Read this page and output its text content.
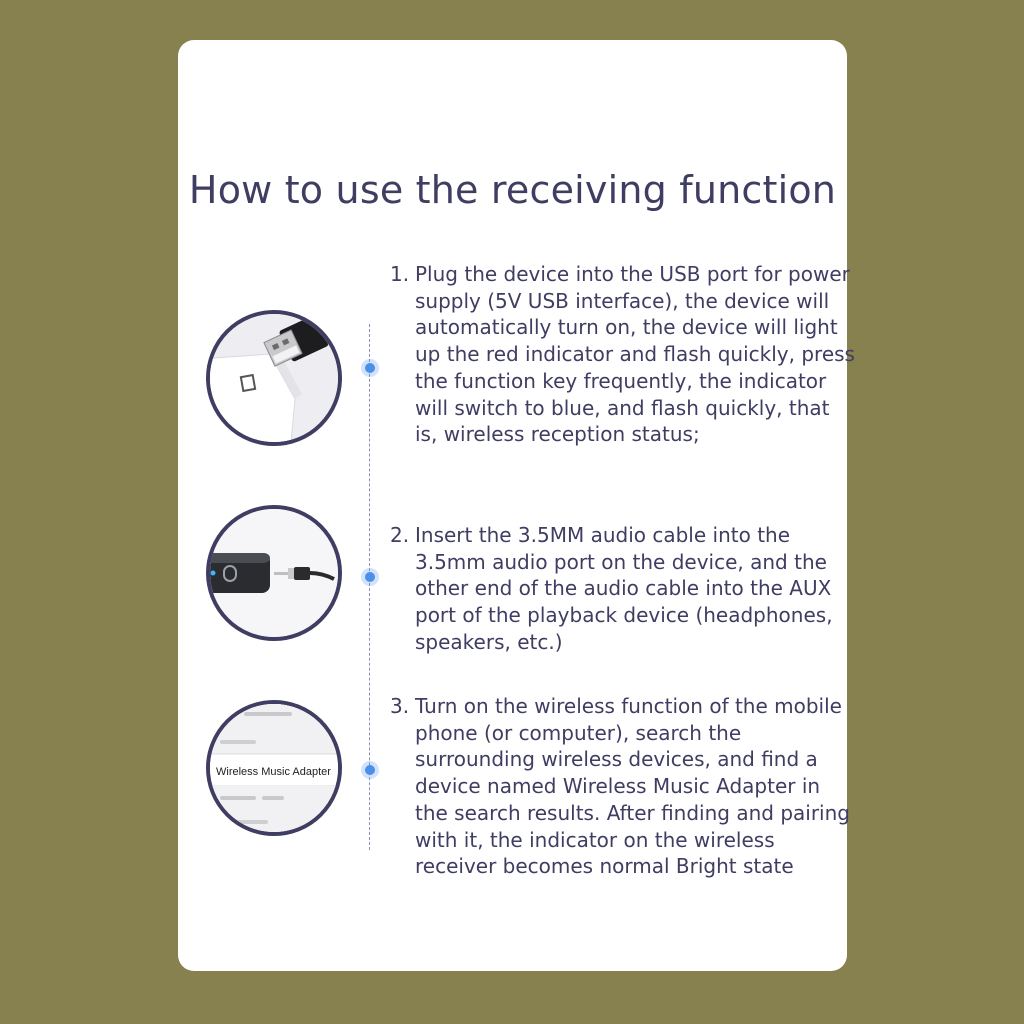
How to use the receiving function
Wireless Music Adapter

1. Plug the device into the USB port for power supply (5V USB interface), the device will automatically turn on, the device will light up the red indicator and flash quickly, press the function key frequently, the indicator will switch to blue, and flash quickly, that is, wireless reception status;

2. Insert the 3.5MM audio cable into the 3.5mm audio port on the device, and the other end of the audio cable into the AUX port of the playback device (headphones, speakers, etc.)

3. Turn on the wireless function of the mobile phone (or computer), search the surrounding wireless devices, and find a device named Wireless Music Adapter in the search results. After finding and pairing with it, the indicator on the wireless receiver becomes normal Bright state
